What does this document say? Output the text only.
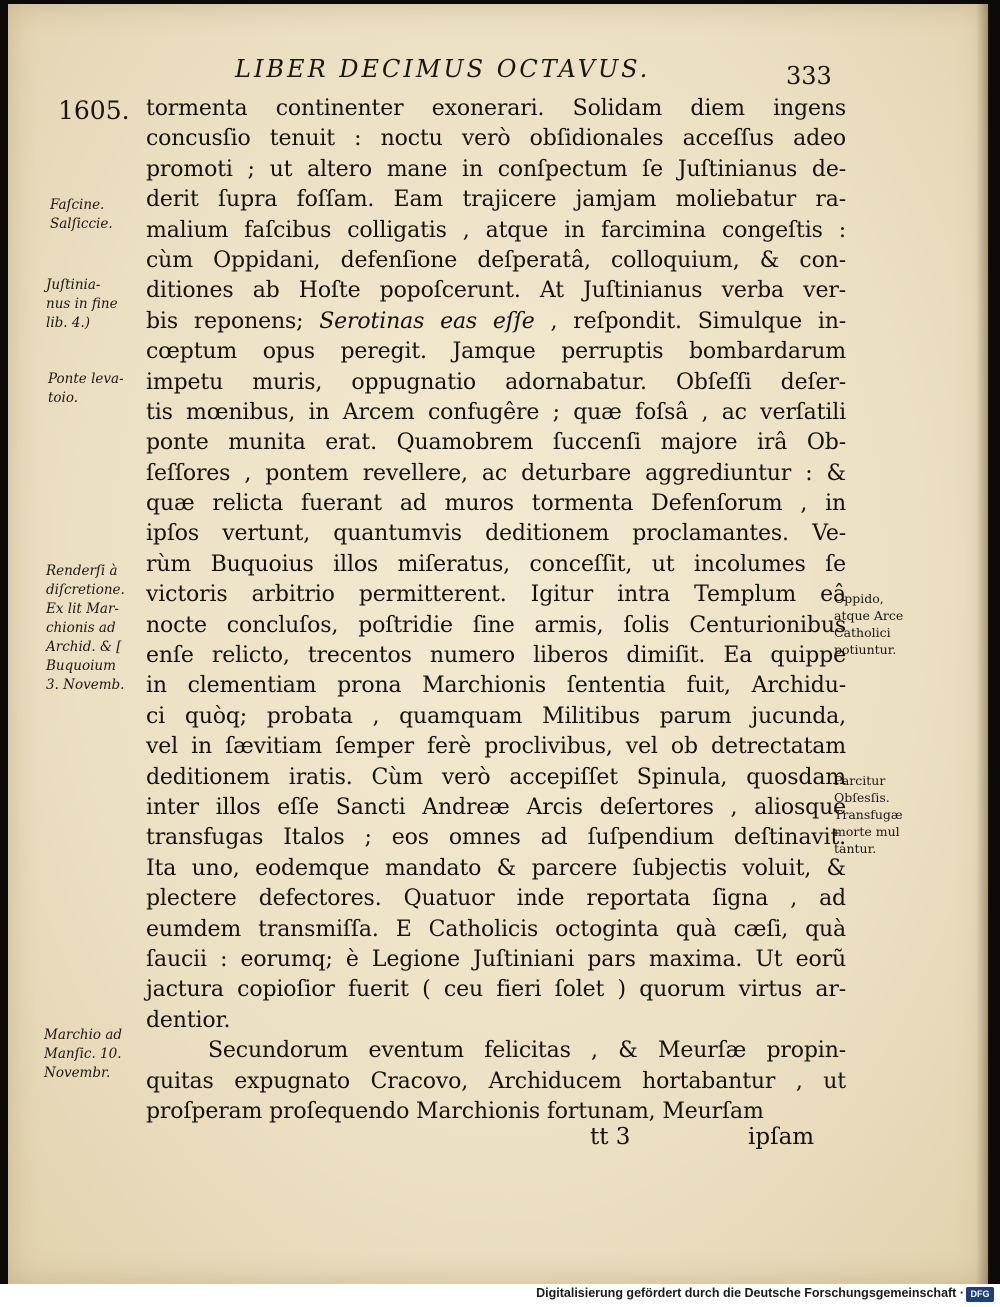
LIBER DECIMUS OCTAVUS.	333
1605. tormenta continenter exonerari. Solidam diem ingens
concusſio tenuit : noctu verò obſidionales acceſſus adeo
promoti ; ut altero mane in conſpectum ſe Juſtinianus de-
derit ſupra foſſam. Eam trajicere jamjam moliebatur ra-
malium faſcibus colligatis , atque in farcimina congeſtis :
cùm Oppidani, defenſione deſperatâ, colloquium, & con-
ditiones ab Hoſte popoſcerunt. At Juſtinianus verba ver-
bis reponens; Serotinas eas eſſe , reſpondit. Simulque in-
cœptum opus peregit. Jamque perruptis bombardarum
impetu muris, oppugnatio adornabatur. Obſeſſi deſer-
tis mœnibus, in Arcem confugêre ; quæ foſsâ , ac verſatili
ponte munita erat. Quamobrem ſuccenſi majore irâ Ob-
ſeſſores , pontem revellere, ac deturbare aggrediuntur : &
quæ relicta fuerant ad muros tormenta Defenſorum , in
ipſos vertunt, quantumvis deditionem proclamantes. Ve-
rùm Buquoius illos miſeratus, conceſſit, ut incolumes ſe
victoris arbitrio permitterent. Igitur intra Templum eâ
nocte concluſos, poſtridie ſine armis, ſolis Centurionibus
enſe relicto, trecentos numero liberos dimiſit. Ea quippe
in clementiam prona Marchionis ſententia fuit, Archidu-
ci quòq; probata , quamquam Militibus parum jucunda,
vel in ſævitiam ſemper ferè proclivibus, vel ob detrectatam
deditionem iratis. Cùm verò accepiſſet Spinula, quosdam
inter illos eſſe Sancti Andreæ Arcis deſertores , aliosque
transfugas Italos ; eos omnes ad ſuſpendium deſtinavit.
Ita uno, eodemque mandato & parcere ſubjectis voluit, &
plectere defectores. Quatuor inde reportata ſigna , ad
eumdem transmiſſa. E Catholicis octoginta quà cæſi, quà
ſaucii : eorumq; è Legione Juſtiniani pars maxima. Ut eorũ
jactura copioſior fuerit ( ceu fieri ſolet ) quorum virtus ar-
dentior.
Secundorum eventum felicitas , & Meurſæ propin-
quitas expugnato Cracovo, Archiducem hortabantur , ut
proſperam proſequendo Marchionis fortunam, Meurſam
Faſcine.
Salſiccie.
Juſtinia-
nus in fine
lib. 4.)
Ponte leva-
toio.
Renderſi à
diſcretione.
Ex lit Mar-
chionis ad
Archid. & [
Buquoium
3. Novemb.
Marchio ad
Manſic. 10.
Novembr.
Oppido,
atque Arce
Catholici
potiuntur.
Parcitur
Obſesſis.
Transfugæ
morte mul
tantur.
tt 3	ipſam
Digitalisierung gefördert durch die Deutsche Forschungsgemeinschaft · DFG
